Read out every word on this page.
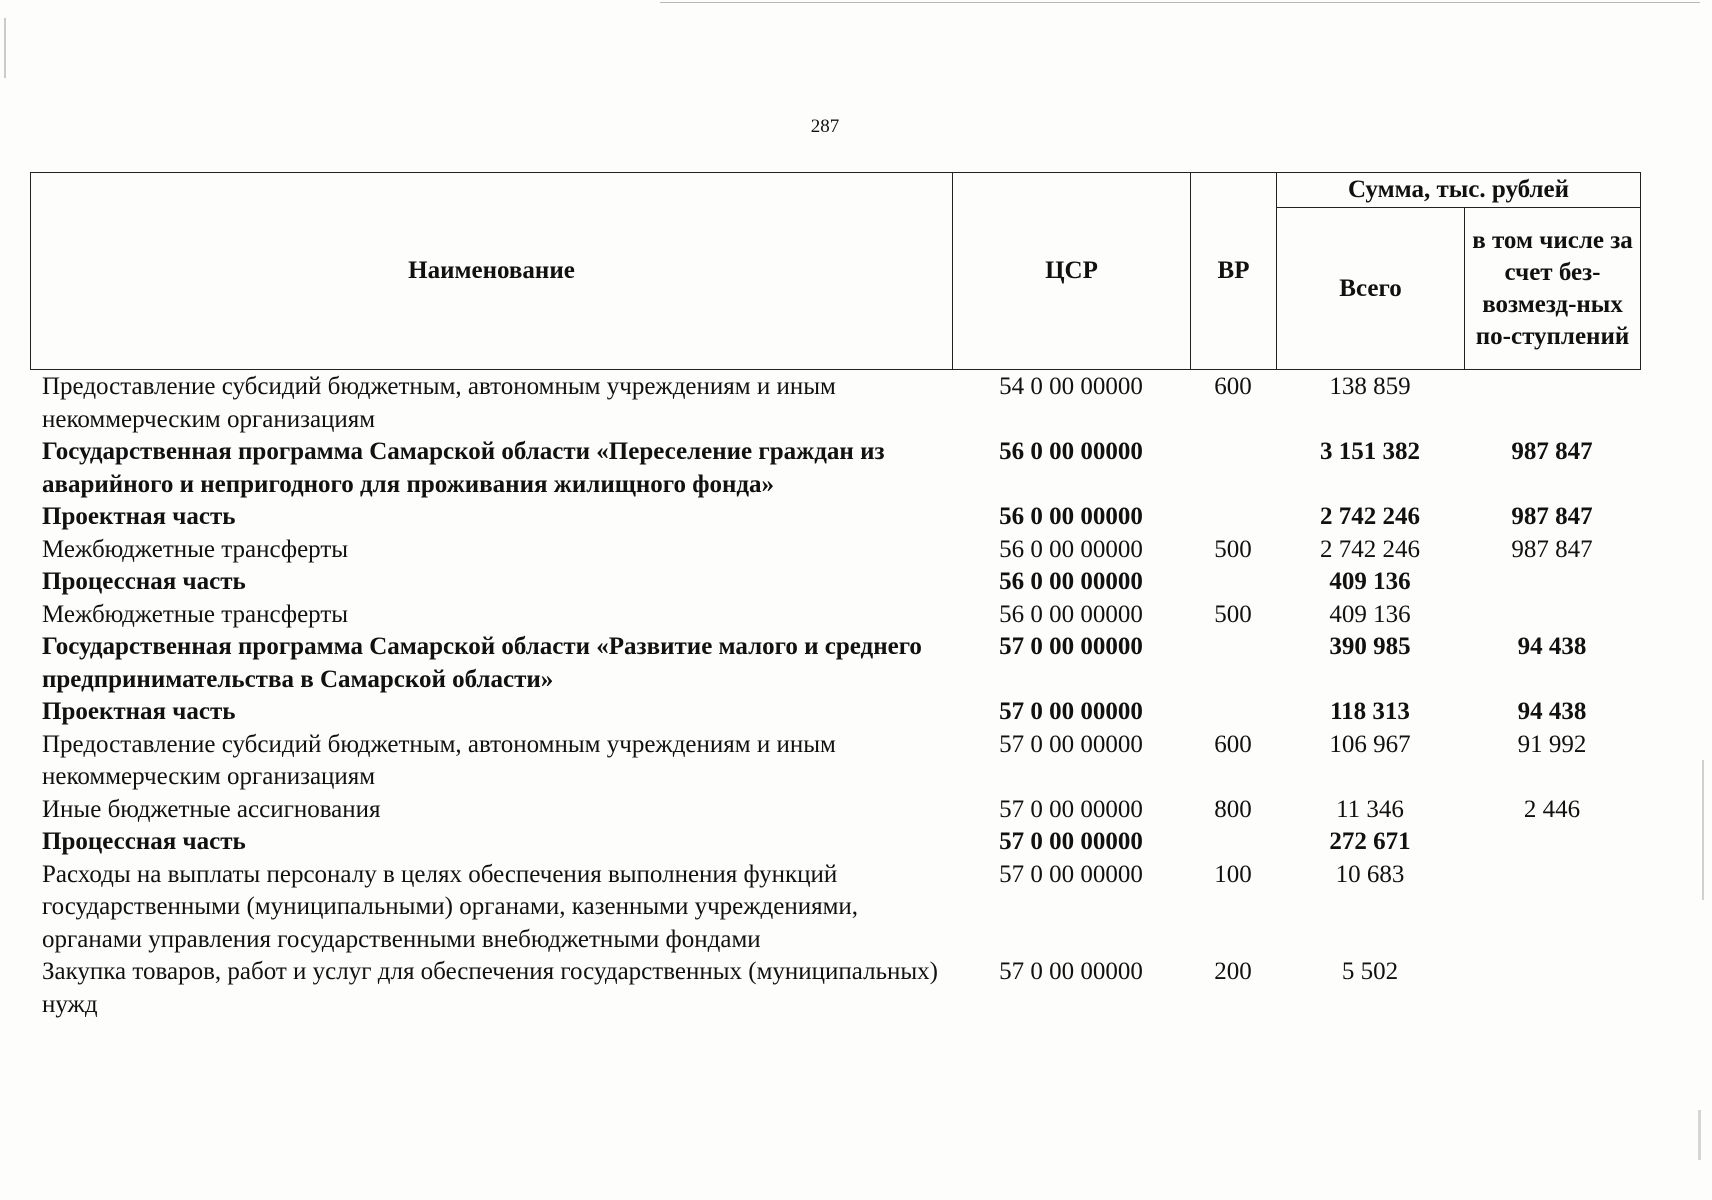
287
Наименование	ЦСР	ВР	Сумма, тыс. рублей	
			Всего	в том числе за счет без-возмезд-ных по-ступлений
Предоставление субсидий бюджетным, автономным учреждениям и иным некоммерческим организациям	54 0 00 00000	600	138 859	
Государственная программа Самарской области «Переселение граждан из аварийного и непригодного для проживания жилищного фонда»	56 0 00 00000		3 151 382	987 847
Проектная часть	56 0 00 00000		2 742 246	987 847
Межбюджетные трансферты	56 0 00 00000	500	2 742 246	987 847
Процессная часть	56 0 00 00000		409 136	
Межбюджетные трансферты	56 0 00 00000	500	409 136	
Государственная программа Самарской области «Развитие малого и среднего предпринимательства в Самарской области»	57 0 00 00000		390 985	94 438
Проектная часть	57 0 00 00000		118 313	94 438
Предоставление субсидий бюджетным, автономным учреждениям и иным некоммерческим организациям	57 0 00 00000	600	106 967	91 992
Иные бюджетные ассигнования	57 0 00 00000	800	11 346	2 446
Процессная часть	57 0 00 00000		272 671	
Расходы на выплаты персоналу в целях обеспечения выполнения функций государственными (муниципальными) органами, казенными учреждениями, органами управления государственными внебюджетными фондами	57 0 00 00000	100	10 683	
Закупка товаров, работ и услуг для обеспечения государственных (муниципальных) нужд	57 0 00 00000	200	5 502	
